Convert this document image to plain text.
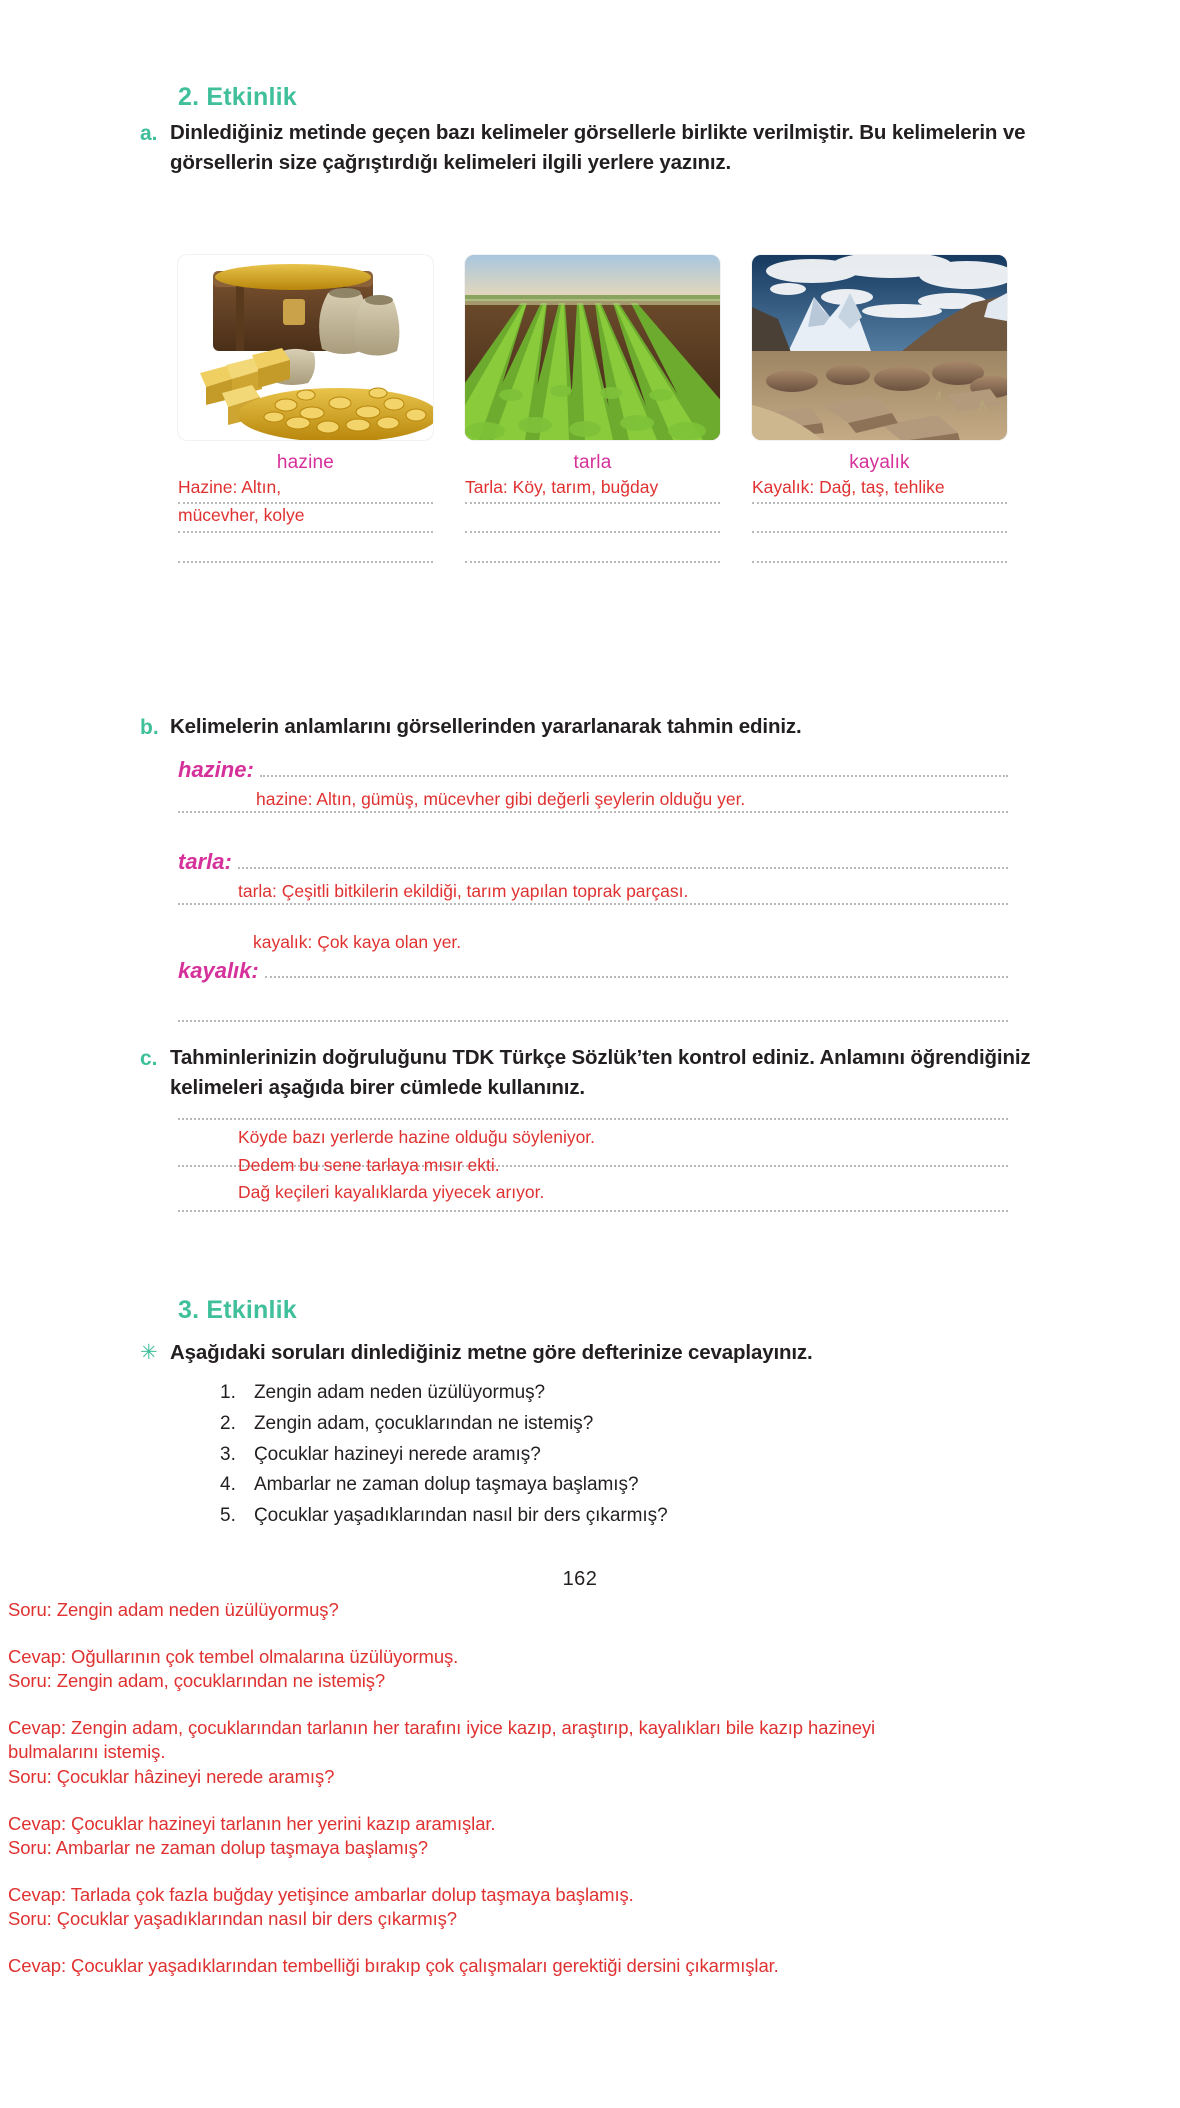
2. Etkinlik
a. Dinlediğiniz metinde geçen bazı kelimeler görsellerle birlikte verilmiştir. Bu kelimelerin ve görsellerin size çağrıştırdığı kelimeleri ilgili yerlere yazınız.
hazine
Hazine: Altın,
mücevher, kolye
tarla
Tarla: Köy, tarım, buğday

kayalık
Kayalık: Dağ, taş, tehlike

b. Kelimelerin anlamlarını görsellerinden yararlanarak tahmin ediniz.
hazine:
hazine: Altın, gümüş, mücevher gibi değerli şeylerin olduğu yer.
tarla:
tarla: Çeşitli bitkilerin ekildiği, tarım yapılan toprak parçası.
kayalık: Çok kaya olan yer.
kayalık:
c. Tahminlerinizin doğruluğunu TDK Türkçe Sözlük’ten kontrol ediniz. Anlamını öğrendiğiniz kelimeleri aşağıda birer cümlede kullanınız.
Köyde bazı yerlerde hazine olduğu söyleniyor.
Dedem bu sene tarlaya mısır ekti.
Dağ keçileri kayalıklarda yiyecek arıyor.
3. Etkinlik
✳ Aşağıdaki soruları dinlediğiniz metne göre defterinize cevaplayınız.
1. Zengin adam neden üzülüyormuş?
2. Zengin adam, çocuklarından ne istemiş?
3. Çocuklar hazineyi nerede aramış?
4. Ambarlar ne zaman dolup taşmaya başlamış?
5. Çocuklar yaşadıklarından nasıl bir ders çıkarmış?
162
Soru: Zengin adam neden üzülüyormuş?
Cevap: Oğullarının çok tembel olmalarına üzülüyormuş.
Soru: Zengin adam, çocuklarından ne istemiş?
Cevap: Zengin adam, çocuklarından tarlanın her tarafını iyice kazıp, araştırıp, kayalıkları bile kazıp hazineyi
bulmalarını istemiş.
Soru: Çocuklar hâzineyi nerede aramış?
Cevap: Çocuklar hazineyi tarlanın her yerini kazıp aramışlar.
Soru: Ambarlar ne zaman dolup taşmaya başlamış?
Cevap: Tarlada çok fazla buğday yetişince ambarlar dolup taşmaya başlamış.
Soru: Çocuklar yaşadıklarından nasıl bir ders çıkarmış?
Cevap: Çocuklar yaşadıklarından tembelliği bırakıp çok çalışmaları gerektiği dersini çıkarmışlar.
